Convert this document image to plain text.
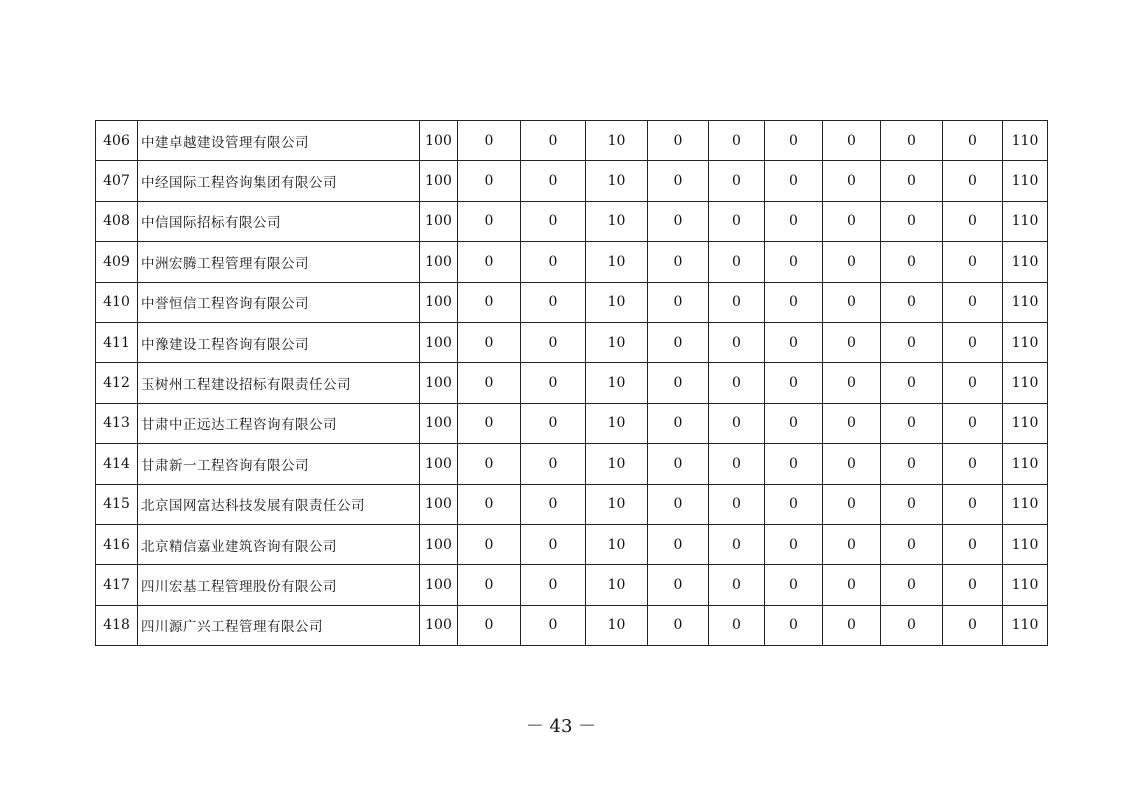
406	中建卓越建设管理有限公司	100	0	0	10	0	0	0	0	0	0	110
407	中经国际工程咨询集团有限公司	100	0	0	10	0	0	0	0	0	0	110
408	中信国际招标有限公司	100	0	0	10	0	0	0	0	0	0	110
409	中洲宏腾工程管理有限公司	100	0	0	10	0	0	0	0	0	0	110
410	中誉恒信工程咨询有限公司	100	0	0	10	0	0	0	0	0	0	110
411	中豫建设工程咨询有限公司	100	0	0	10	0	0	0	0	0	0	110
412	玉树州工程建设招标有限责任公司	100	0	0	10	0	0	0	0	0	0	110
413	甘肃中正远达工程咨询有限公司	100	0	0	10	0	0	0	0	0	0	110
414	甘肃新一工程咨询有限公司	100	0	0	10	0	0	0	0	0	0	110
415	北京国网富达科技发展有限责任公司	100	0	0	10	0	0	0	0	0	0	110
416	北京精信嘉业建筑咨询有限公司	100	0	0	10	0	0	0	0	0	0	110
417	四川宏基工程管理股份有限公司	100	0	0	10	0	0	0	0	0	0	110
418	四川源广兴工程管理有限公司	100	0	0	10	0	0	0	0	0	0	110
－ 43 －
